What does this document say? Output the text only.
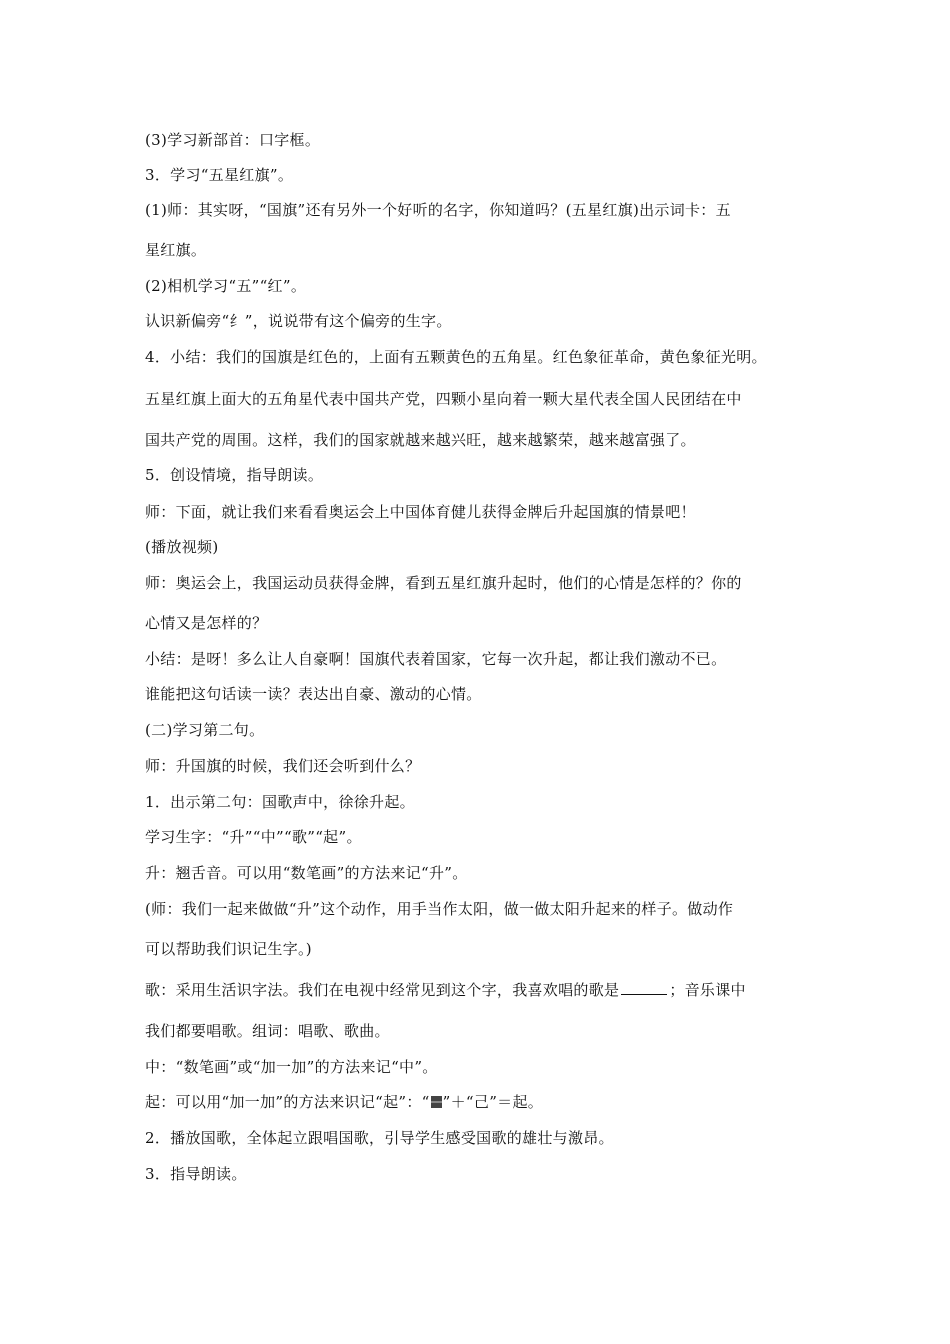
(3)学习新部首：口字框。
3．学习“五星红旗”。
(1)师：其实呀，“国旗”还有另外一个好听的名字，你知道吗？(五星红旗)出示词卡：五
星红旗。
(2)相机学习“五”“红”。
认识新偏旁“纟”，说说带有这个偏旁的生字。
4．小结：我们的国旗是红色的，上面有五颗黄色的五角星。红色象征革命，黄色象征光明。
五星红旗上面大的五角星代表中国共产党，四颗小星向着一颗大星代表全国人民团结在中
国共产党的周围。这样，我们的国家就越来越兴旺，越来越繁荣，越来越富强了。
5．创设情境，指导朗读。
师：下面，就让我们来看看奥运会上中国体育健儿获得金牌后升起国旗的情景吧！
(播放视频)
师：奥运会上，我国运动员获得金牌，看到五星红旗升起时，他们的心情是怎样的？你的
心情又是怎样的？
小结：是呀！多么让人自豪啊！国旗代表着国家，它每一次升起，都让我们激动不已。
谁能把这句话读一读？表达出自豪、激动的心情。
(二)学习第二句。
师：升国旗的时候，我们还会听到什么？
1．出示第二句：国歌声中，徐徐升起。
学习生字：“升”“中”“歌”“起”。
升：翘舌音。可以用“数笔画”的方法来记“升”。
(师：我们一起来做做“升”这个动作，用手当作太阳，做一做太阳升起来的样子。做动作
可以帮助我们识记生字。)
歌：采用生活识字法。我们在电视中经常见到这个字，我喜欢唱的歌是	；音乐课中
我们都要唱歌。组词：唱歌、歌曲。
中：“数笔画”或“加一加”的方法来记“中”。
起：可以用“加一加”的方法来识记“起”：“ ”＋“己”＝起。
2．播放国歌，全体起立跟唱国歌，引导学生感受国歌的雄壮与激昂。
3．指导朗读。
